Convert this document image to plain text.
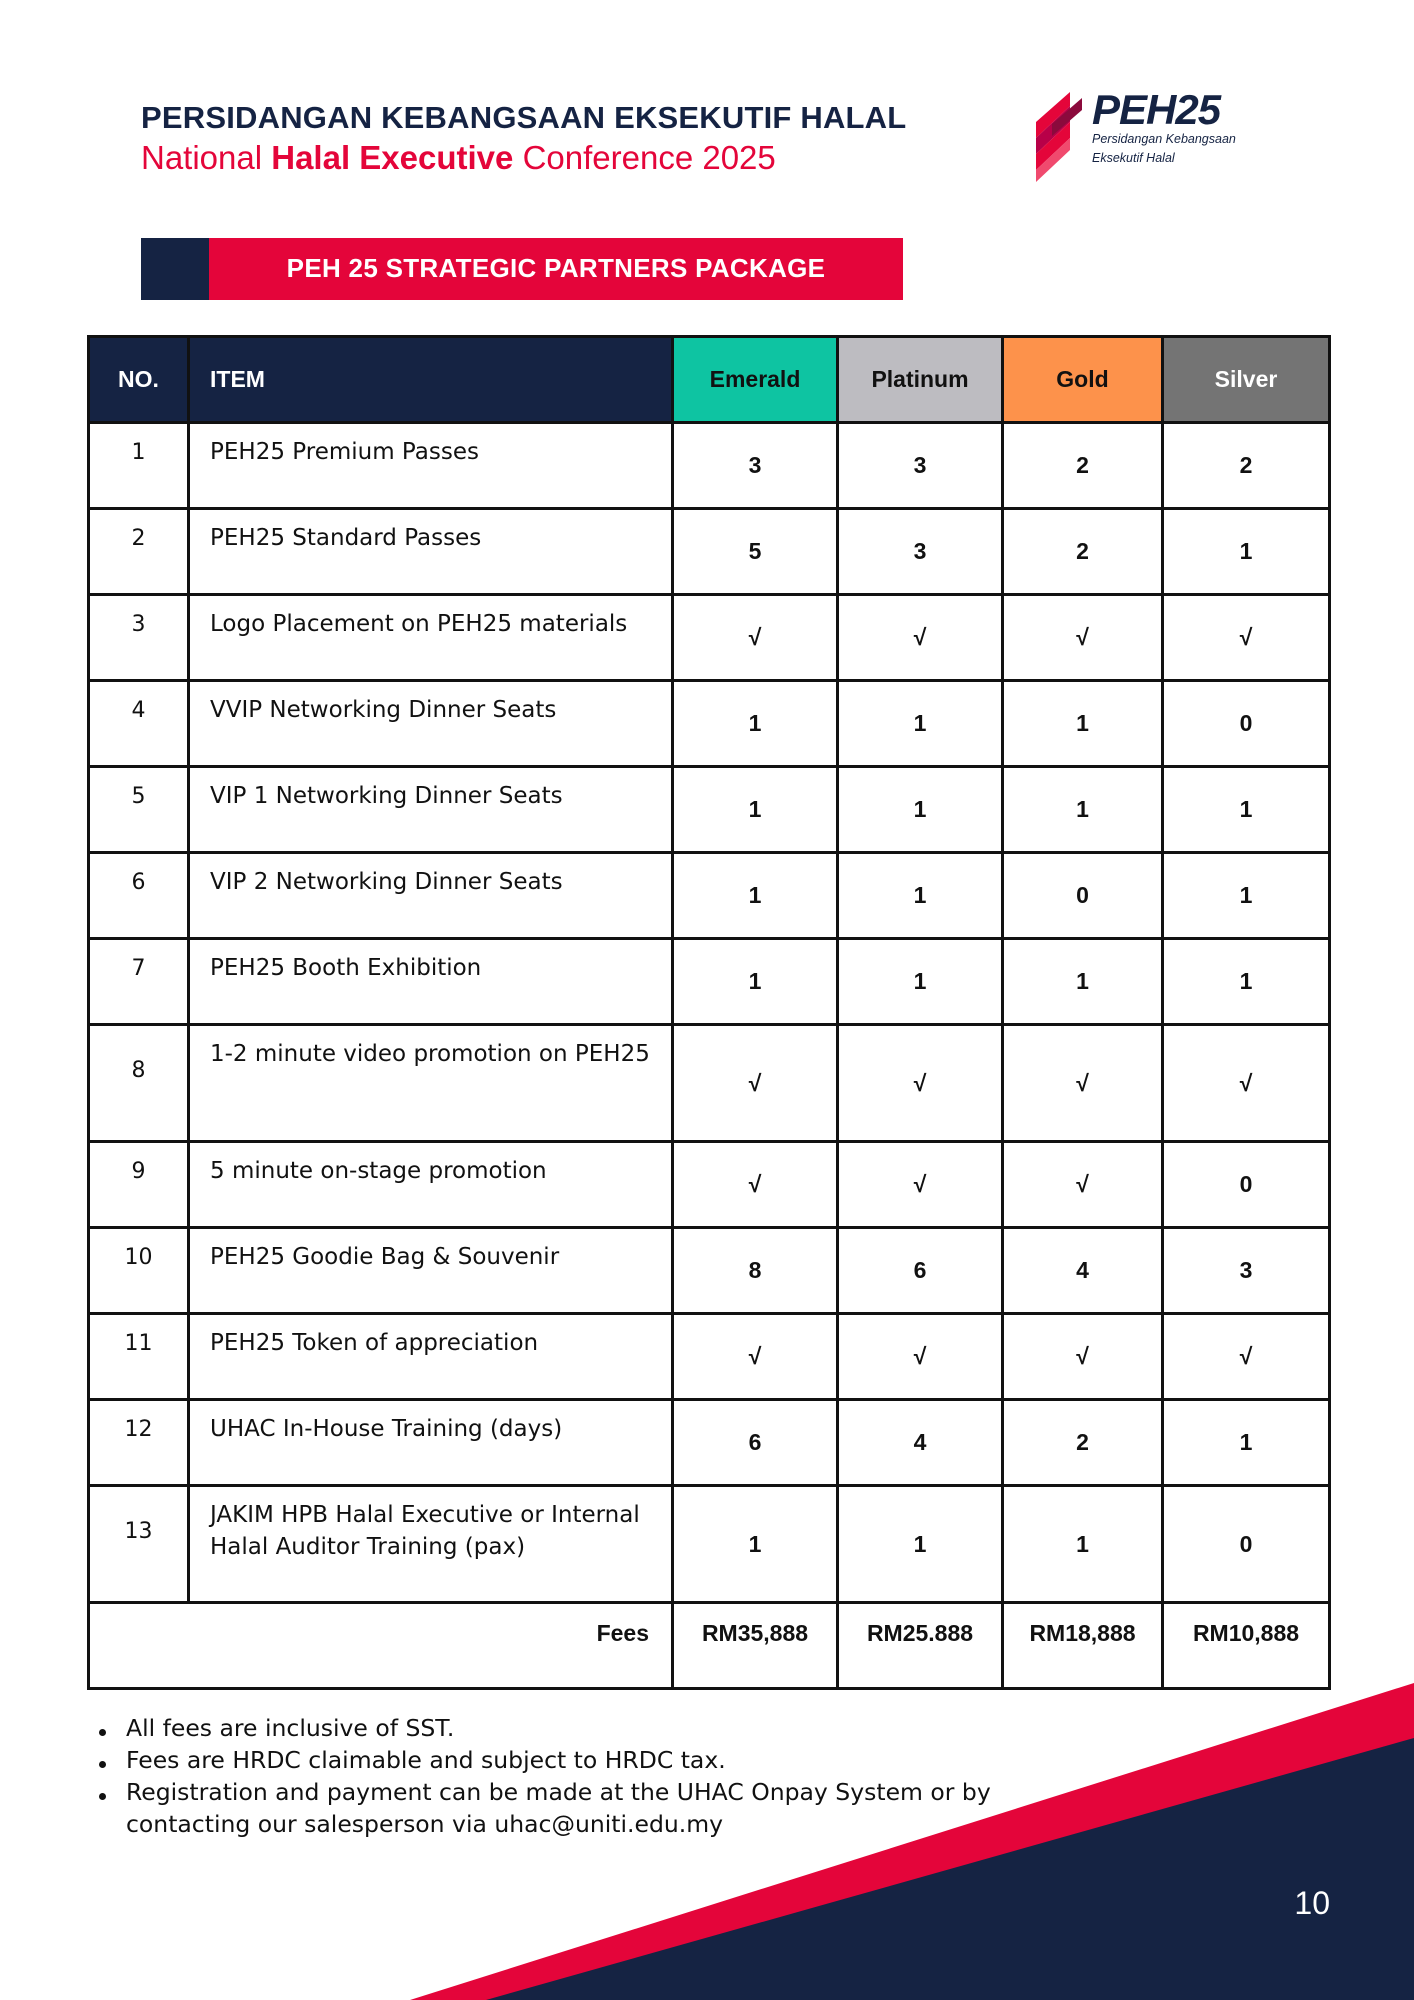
PERSIDANGAN KEBANGSAAN EKSEKUTIF HALAL
National Halal Executive Conference 2025
PEH25
Persidangan Kebangsaan
Eksekutif Halal
PEH 25 STRATEGIC PARTNERS PACKAGE
NO.	ITEM	Emerald	Platinum	Gold	Silver
1	PEH25 Premium Passes	3	3	2	2
2	PEH25 Standard Passes	5	3	2	1
3	Logo Placement on PEH25 materials	√	√	√	√
4	VVIP Networking Dinner Seats	1	1	1	0
5	VIP 1 Networking Dinner Seats	1	1	1	1
6	VIP 2 Networking Dinner Seats	1	1	0	1
7	PEH25 Booth Exhibition	1	1	1	1
8	1-2 minute video promotion on PEH25	√	√	√	√
9	5 minute on-stage promotion	√	√	√	0
10	PEH25 Goodie Bag & Souvenir	8	6	4	3
11	PEH25 Token of appreciation	√	√	√	√
12	UHAC In-House Training (days)	6	4	2	1
13	JAKIM HPB Halal Executive or Internal Halal Auditor Training (pax)	1	1	1	0
Fees		RM35,888	RM25.888	RM18,888	RM10,888
All fees are inclusive of SST.
Fees are HRDC claimable and subject to HRDC tax.
Registration and payment can be made at the UHAC Onpay System or by contacting our salesperson via uhac@uniti.edu.my
10
